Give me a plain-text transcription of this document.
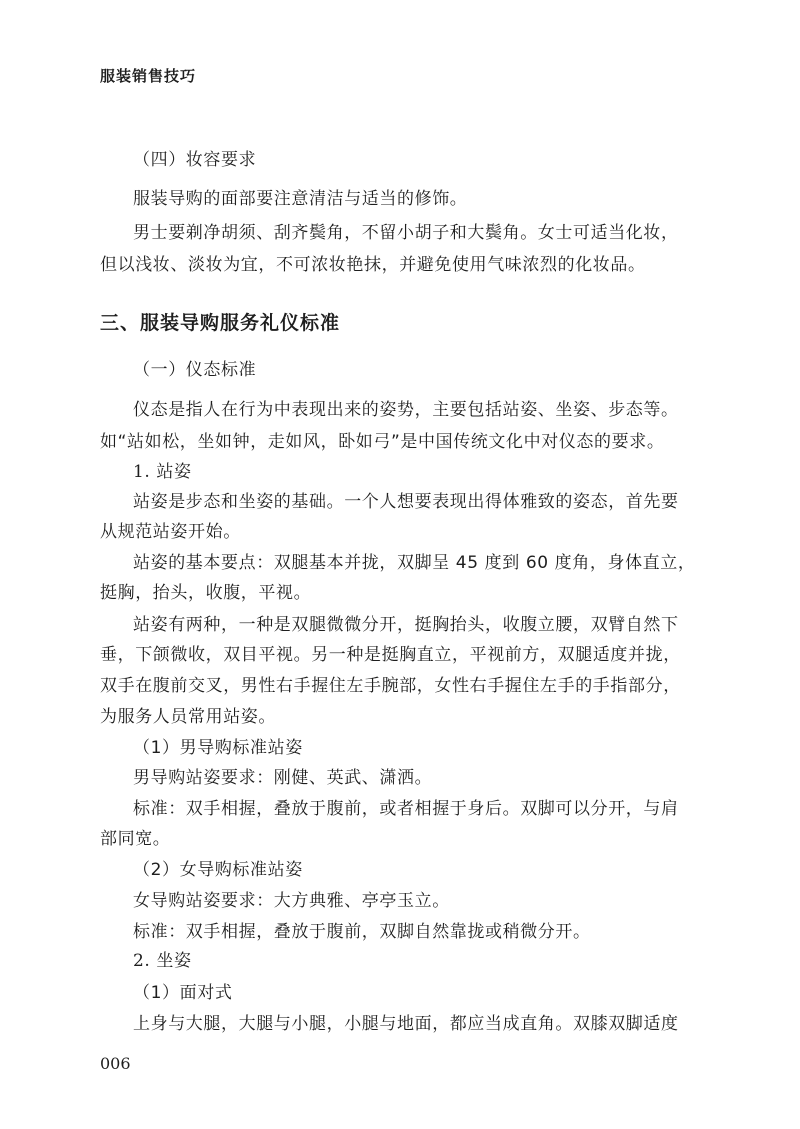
服装销售技巧
（四）妆容要求
服装导购的面部要注意清洁与适当的修饰。
男士要剃净胡须、刮齐鬓角，不留小胡子和大鬓角。女士可适当化妆，
但以浅妆、淡妆为宜，不可浓妆艳抹，并避免使用气味浓烈的化妆品。
三、服装导购服务礼仪标准
（一）仪态标准
仪态是指人在行为中表现出来的姿势，主要包括站姿、坐姿、步态等。
如“站如松，坐如钟，走如风，卧如弓”是中国传统文化中对仪态的要求。
1. 站姿
站姿是步态和坐姿的基础。一个人想要表现出得体雅致的姿态，首先要
从规范站姿开始。
站姿的基本要点：双腿基本并拢，双脚呈 45 度到 60 度角，身体直立，
挺胸，抬头，收腹，平视。
站姿有两种，一种是双腿微微分开，挺胸抬头，收腹立腰，双臂自然下
垂，下颌微收，双目平视。另一种是挺胸直立，平视前方，双腿适度并拢，
双手在腹前交叉，男性右手握住左手腕部，女性右手握住左手的手指部分，
为服务人员常用站姿。
（1）男导购标准站姿
男导购站姿要求：刚健、英武、潇洒。
标准：双手相握，叠放于腹前，或者相握于身后。双脚可以分开，与肩
部同宽。
（2）女导购标准站姿
女导购站姿要求：大方典雅、亭亭玉立。
标准：双手相握，叠放于腹前，双脚自然靠拢或稍微分开。
2. 坐姿
（1）面对式
上身与大腿，大腿与小腿，小腿与地面，都应当成直角。双膝双脚适度
006
